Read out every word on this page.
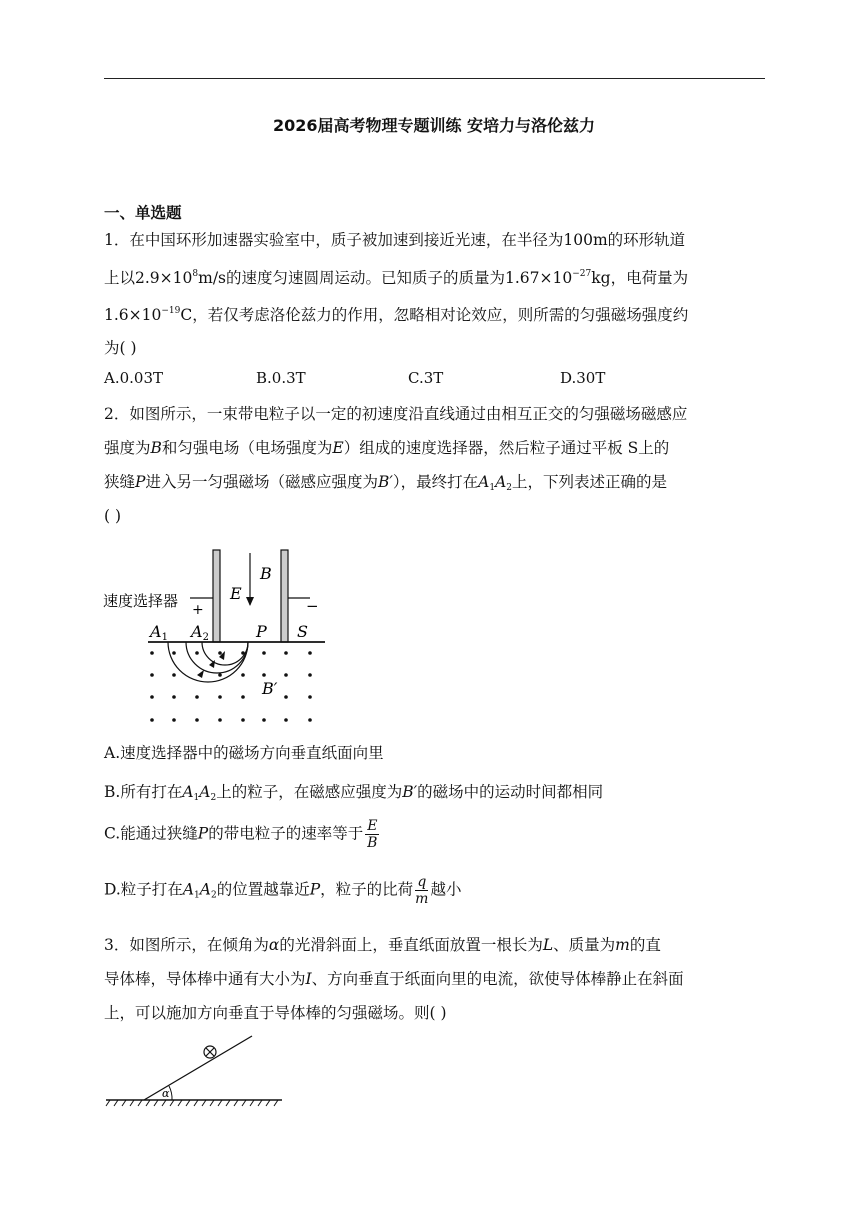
2026届高考物理专题训练 安培力与洛伦兹力
一、单选题
1．在中国环形加速器实验室中，质子被加速到接近光速，在半径为100m的环形轨道
上以$2.9\times 10^8m/s$的速度匀速圆周运动。已知质子的质量为$1.67\times 10^{-27}kg$，电荷量为
$1.6\times 10^{-19}C$，若仅考虑洛伦兹力的作用，忽略相对论效应，则所需的匀强磁场强度约
为( )
A.0.03T	B.0.3T	C.3T	D.30T
2．如图所示，一束带电粒子以一定的初速度沿直线通过由相互正交的匀强磁场磁感应
强度为B和匀强电场（电场强度为E）组成的速度选择器，然后粒子通过平板 S上的
狭缝P进入另一匀强磁场（磁感应强度为B′），最终打在$A_1A_2$上，下列表述正确的是
( )
速度选择器 +	−
E
B
A1 A2	P S
B′
A.速度选择器中的磁场方向垂直纸面向里
B.所有打在$A_1A_2$上的粒子，在磁感应强度为B′的磁场中的运动时间都相同
C.能通过狭缝P的带电粒子的速率等于 $\frac{E}{B}$
D.粒子打在$A_1A_2$的位置越靠近P，粒子的比荷 $\frac{q}{m}$ 越小
3．如图所示，在倾角为α的光滑斜面上，垂直纸面放置一根长为L、质量为m的直
导体棒，导体棒中通有大小为I、方向垂直于纸面向里的电流，欲使导体棒静止在斜面
上，可以施加方向垂直于导体棒的匀强磁场。则( )
α
